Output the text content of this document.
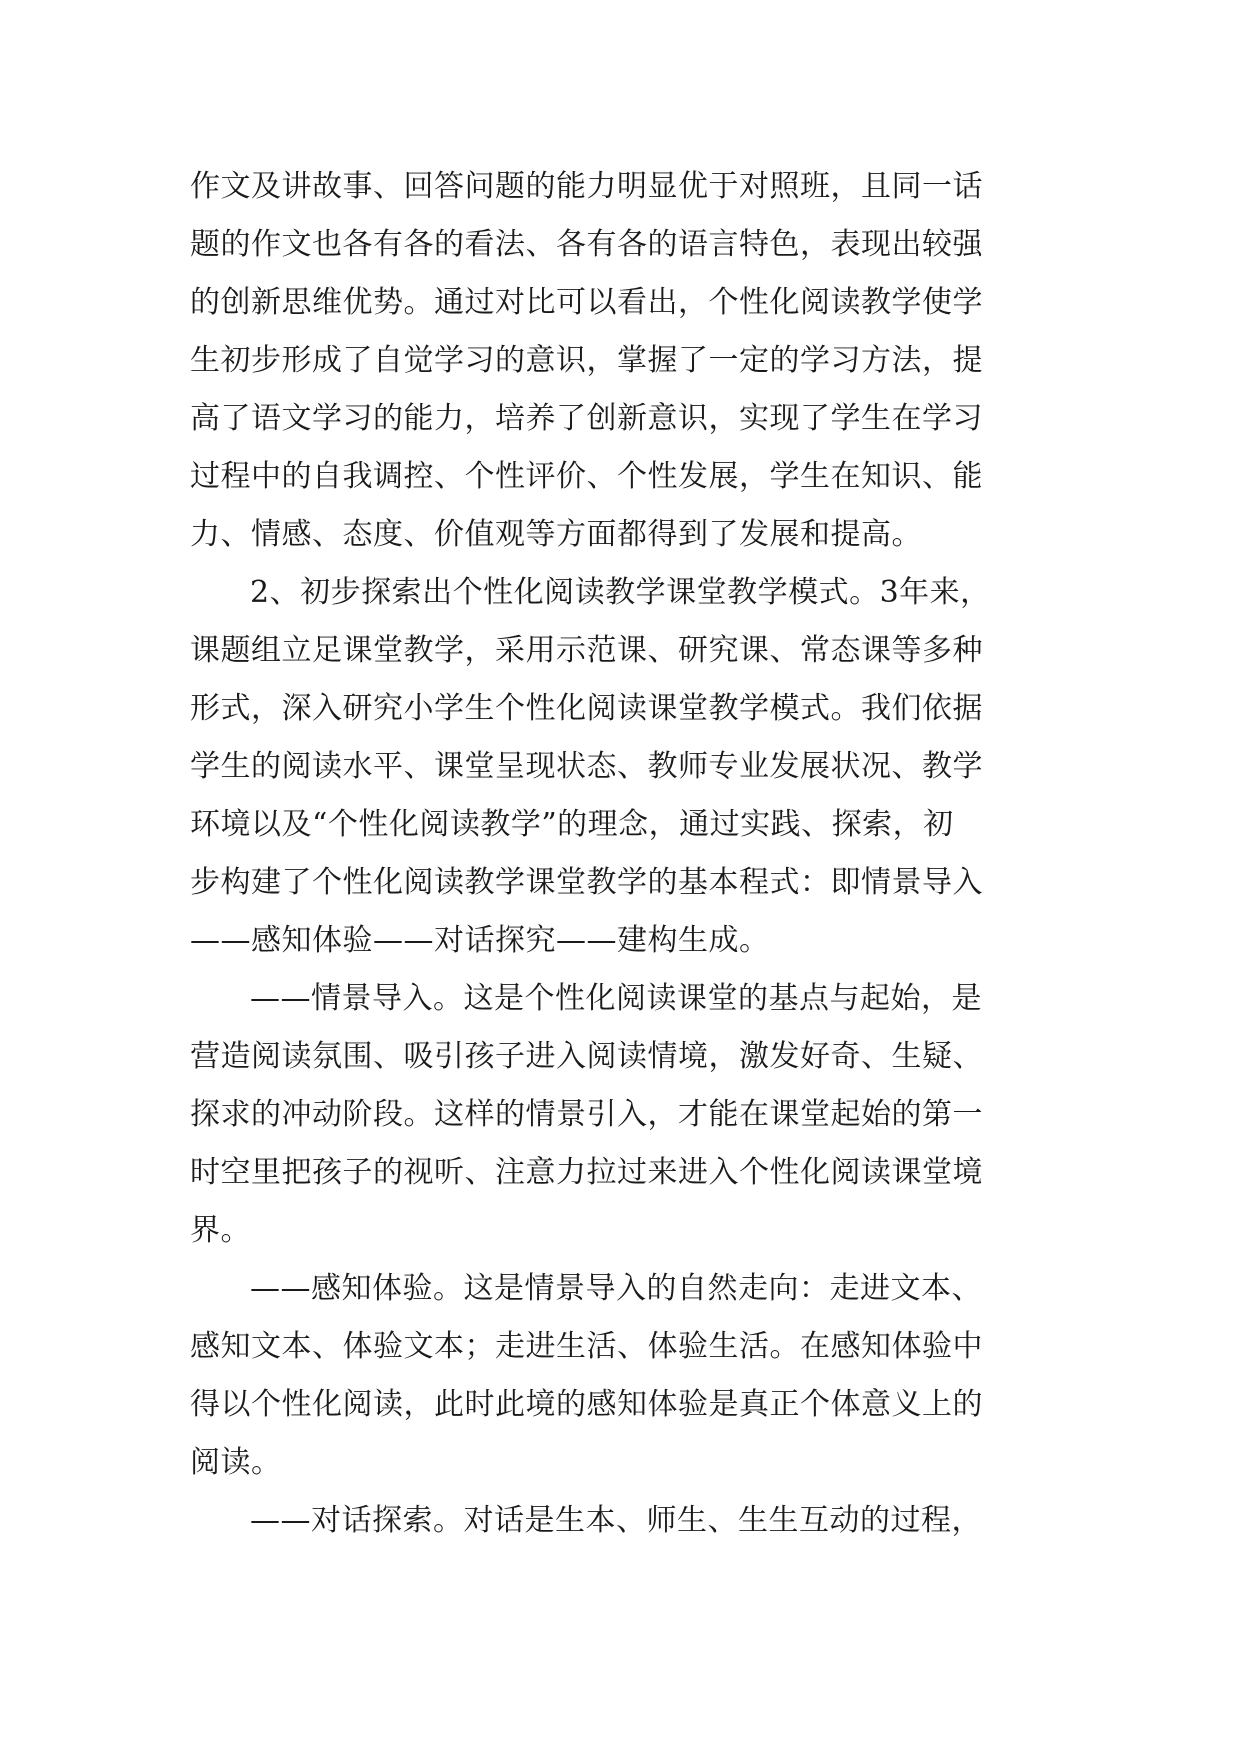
作文及讲故事、回答问题的能力明显优于对照班，且同一话
题的作文也各有各的看法、各有各的语言特色，表现出较强
的创新思维优势。通过对比可以看出，个性化阅读教学使学
生初步形成了自觉学习的意识，掌握了一定的学习方法，提
高了语文学习的能力，培养了创新意识，实现了学生在学习
过程中的自我调控、个性评价、个性发展，学生在知识、能
力、情感、态度、价值观等方面都得到了发展和提高。
2、初步探索出个性化阅读教学课堂教学模式。3年来，
课题组立足课堂教学，采用示范课、研究课、常态课等多种
形式，深入研究小学生个性化阅读课堂教学模式。我们依据
学生的阅读水平、课堂呈现状态、教师专业发展状况、教学
环境以及“个性化阅读教学”的理念，通过实践、探索，初
步构建了个性化阅读教学课堂教学的基本程式：即情景导入
——感知体验——对话探究——建构生成。
——情景导入。这是个性化阅读课堂的基点与起始，是
营造阅读氛围、吸引孩子进入阅读情境，激发好奇、生疑、
探求的冲动阶段。这样的情景引入，才能在课堂起始的第一
时空里把孩子的视听、注意力拉过来进入个性化阅读课堂境
界。
——感知体验。这是情景导入的自然走向：走进文本、
感知文本、体验文本；走进生活、体验生活。在感知体验中
得以个性化阅读，此时此境的感知体验是真正个体意义上的
阅读。
——对话探索。对话是生本、师生、生生互动的过程，
